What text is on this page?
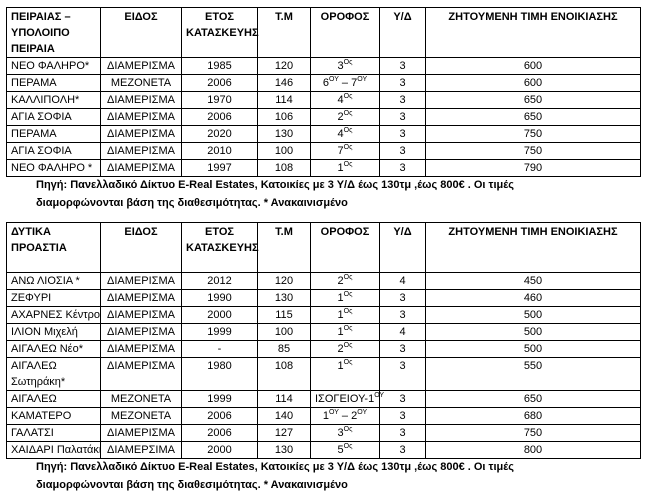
ΠΕΙΡΑΙΑΣ – ΥΠΟΛΟΙΠΟ ΠΕΙΡΑΙΑ	ΕΙΔΟΣ	ΕΤΟΣ ΚΑΤΑΣΚΕΥΗΣ	Τ.Μ	ΟΡΟΦΟΣ	Υ/Δ	ΖΗΤΟΥΜΕΝΗ ΤΙΜΗ ΕΝΟΙΚΙΑΣΗΣ
ΝΕΟ ΦΑΛΗΡΟ*	ΔΙΑΜΕΡΙΣΜΑ	1985	120	$3^{O\varsigma}$	3	600
ΠΕΡΑΜΑ	ΜΕΖΟΝΕΤΑ	2006	146	$6^{O\Upsilon} - 7^{O\Upsilon}$	3	600
ΚΑΛΛΙΠΟΛΗ*	ΔΙΑΜΕΡΙΣΜΑ	1970	114	$4^{O\varsigma}$	3	650
ΑΓΙΑ ΣΟΦΙΑ	ΔΙΑΜΕΡΙΣΜΑ	2006	106	$2^{O\varsigma}$	3	650
ΠΕΡΑΜΑ	ΔΙΑΜΕΡΙΣΜΑ	2020	130	$4^{O\varsigma}$	3	750
ΑΓΙΑ ΣΟΦΙΑ	ΔΙΑΜΕΡΙΣΜΑ	2010	100	$7^{O\varsigma}$	3	750
ΝΕΟ ΦΑΛΗΡΟ *	ΔΙΑΜΕΡΙΣΜΑ	1997	108	$1^{O\varsigma}$	3	790
Πηγή: Πανελλαδικό Δίκτυο E-Real Estates, Κατοικίες με 3 Υ/Δ έως 130τμ ,έως 800€ . Οι τιμές
διαμορφώνονται βάση της διαθεσιμότητας. * Ανακαινισμένο
ΔΥΤΙΚΑ ΠΡΟΑΣΤΙΑ	ΕΙΔΟΣ	ΕΤΟΣ ΚΑΤΑΣΚΕΥΗΣ	Τ.Μ	ΟΡΟΦΟΣ	Υ/Δ	ΖΗΤΟΥΜΕΝΗ ΤΙΜΗ ΕΝΟΙΚΙΑΣΗΣ
ΑΝΩ ΛΙΟΣΙΑ *	ΔΙΑΜΕΡΙΣΜΑ	2012	120	$2^{O\varsigma}$	4	450
ΖΕΦΥΡΙ	ΔΙΑΜΕΡΙΣΜΑ	1990	130	$1^{O\varsigma}$	3	460
ΑΧΑΡΝΕΣ Κέντρο	ΔΙΑΜΕΡΙΣΜΑ	2000	115	$1^{O\varsigma}$	3	500
ΙΛΙΟΝ Μιχελή	ΔΙΑΜΕΡΙΣΜΑ	1999	100	$1^{O\varsigma}$	4	500
ΑΙΓΑΛΕΩ Νέο*	ΔΙΑΜΕΡΙΣΜΑ	-	85	$2^{O\varsigma}$	3	500
ΑΙΓΑΛΕΩ Σωτηράκη*	ΔΙΑΜΕΡΙΣΜΑ	1980	108	$1^{O\varsigma}$	3	550
ΑΙΓΑΛΕΩ	ΜΕΖΟΝΕΤΑ	1999	114	ΙΣΟΓΕΙΟΥ-$1^{O\Upsilon}$	3	650
ΚΑΜΑΤΕΡΟ	ΜΕΖΟΝΕΤΑ	2006	140	$1^{O\Upsilon} - 2^{O\Upsilon}$	3	680
ΓΑΛΑΤΣΙ	ΔΙΑΜΕΡΙΣΜΑ	2006	127	$3^{O\varsigma}$	3	750
ΧΑΙΔΑΡΙ Παλατάκι	ΔΙΑΜΕΡΣΙΜΑ	2000	130	$5^{O\varsigma}$	3	800
Πηγή: Πανελλαδικό Δίκτυο E-Real Estates, Κατοικίες με 3 Υ/Δ έως 130τμ ,έως 800€ . Οι τιμές
διαμορφώνονται βάση της διαθεσιμότητας. * Ανακαινισμένο
